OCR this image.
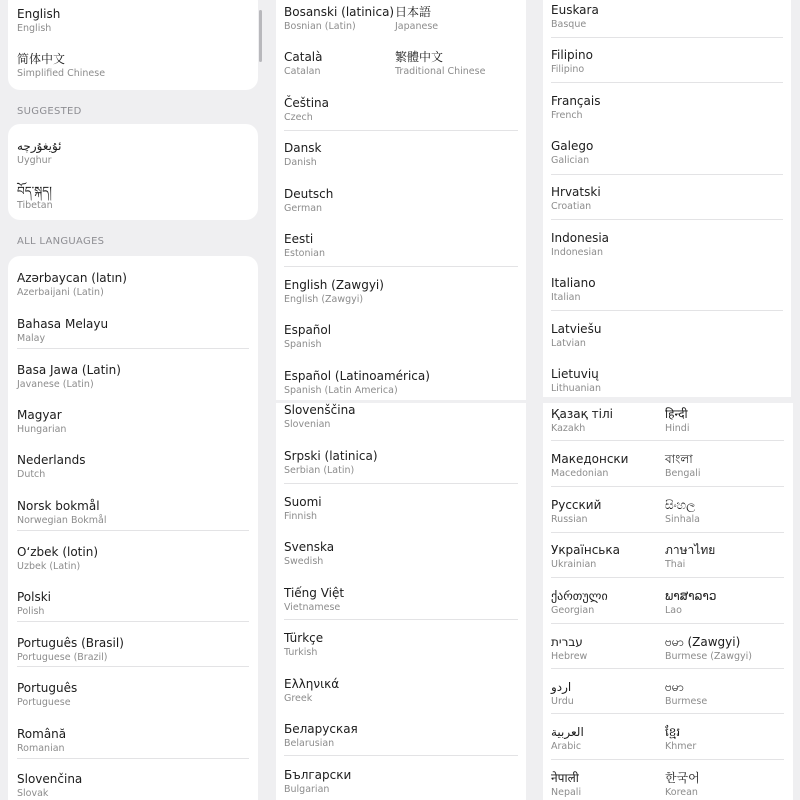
English
English
简体中文
Simplified Chinese
SUGGESTED
ئۇيغۇرچە
Uyghur
བོད་སྐད།
Tibetan
ALL LANGUAGES
Azərbaycan (latın)
Azerbaijani (Latin)
Bahasa Melayu
Malay
Basa Jawa (Latin)
Javanese (Latin)
Magyar
Hungarian
Nederlands
Dutch
Norsk bokmål
Norwegian Bokmål
O‘zbek (lotin)
Uzbek (Latin)
Polski
Polish
Português (Brasil)
Portuguese (Brazil)
Português
Portuguese
Română
Romanian
Slovenčina
Slovak
Bosanski (latinica)
Bosnian (Latin)
日本語
Japanese
Català
Catalan
繁體中文
Traditional Chinese
Čeština
Czech
Dansk
Danish
Deutsch
German
Eesti
Estonian
English (Zawgyi)
English (Zawgyi)
Español
Spanish
Español (Latinoamérica)
Spanish (Latin America)
Slovenščina
Slovenian
Srpski (latinica)
Serbian (Latin)
Suomi
Finnish
Svenska
Swedish
Tiếng Việt
Vietnamese
Türkçe
Turkish
Ελληνικά
Greek
Беларуская
Belarusian
Български
Bulgarian
Euskara
Basque
Filipino
Filipino
Français
French
Galego
Galician
Hrvatski
Croatian
Indonesia
Indonesian
Italiano
Italian
Latviešu
Latvian
Lietuvių
Lithuanian
Қазақ тілі
Kazakh
हिन्दी
Hindi
Македонски
Macedonian
বাংলা
Bengali
Русский
Russian
සිංහල
Sinhala
Українська
Ukrainian
ภาษาไทย
Thai
ქართული
Georgian
ພາສາລາວ
Lao
עברית
Hebrew
ဗမာ (Zawgyi)
Burmese (Zawgyi)
اردو
Urdu
ဗမာ
Burmese
العربية
Arabic
ខ្មែរ
Khmer
नेपाली
Nepali
한국어
Korean
